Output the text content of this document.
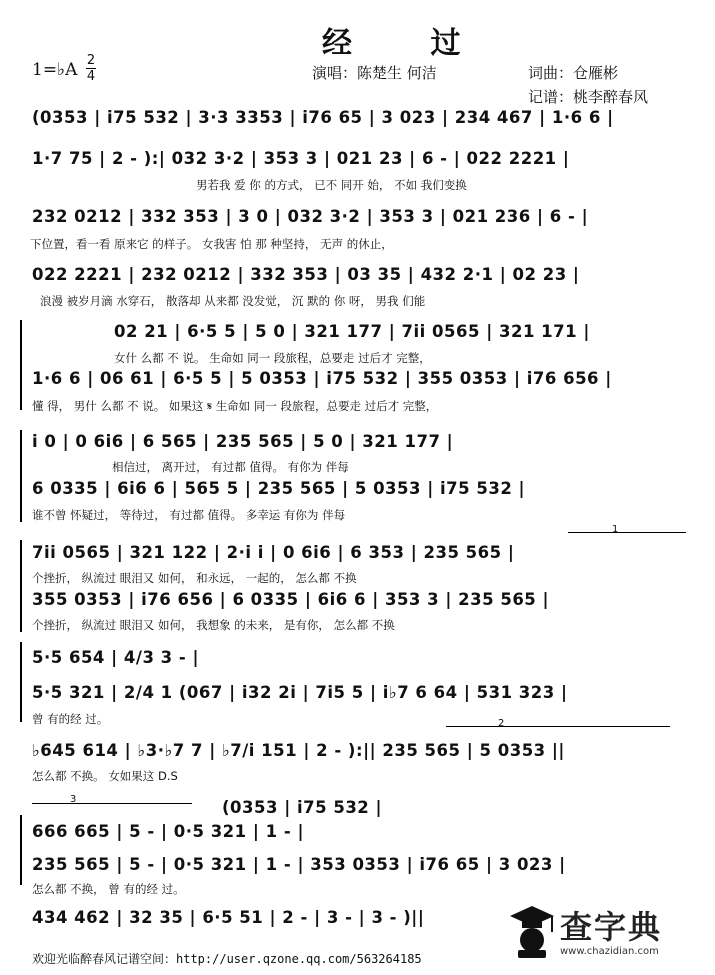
经 过
1=♭A 2
4	演唱：陈楚生 何洁	词曲：仓雁彬
记谱：桃李醉春风
(0353 | i75 532 | 3·3 3353 | i76 65 | 3 023 | 234 467 | 1·6 6 |
1·7 75 | 2 - ):| 032 3·2 | 353 3 | 021 23 | 6 - | 022 2221 |
男若我 爱 你 的方式， 已不 同开 始， 不如 我们变换
232 0212 | 332 353 | 3 0 | 032 3·2 | 353 3 | 021 236 | 6 - |
下位置，看一看 原来它 的样子。 女我害 怕 那 种坚持， 无声 的休止，
022 2221 | 232 0212 | 332 353 | 03 35 | 432 2·1 | 02 23 |
浪漫 被岁月滴 水穿石， 散落却 从来都 没发觉， 沉 默的 你 呀， 男我 们能
02 21 | 6·5 5 | 5 0 | 321 177 | 7ii 0565 | 321 171 |
女什 么都 不 说。 生命如 同一 段旅程，总要走 过后才 完整，
1·6 6 | 06 61 | 6·5 5 | 5 0353 | i75 532 | 355 0353 | i76 656 |
懂 得， 男什 么都 不 说。 如果这 𝄋 生命如 同一 段旅程，总要走 过后才 完整，
i 0 | 0 6i6 | 6 565 | 235 565 | 5 0 | 321 177 |
相信过， 离开过， 有过都 值得。 有你为 伴每
6 0335 | 6i6 6 | 565 5 | 235 565 | 5 0353 | i75 532 |
谁不曾 怀疑过， 等待过， 有过都 值得。 多幸运 有你为 伴每
1
7ii 0565 | 321 122 | 2·i i | 0 6i6 | 6 353 | 235 565 |
个挫折， 纵流过 眼泪又 如何， 和永远， 一起的， 怎么都 不换
355 0353 | i76 656 | 6 0335 | 6i6 6 | 353 3 | 235 565 |
个挫折， 纵流过 眼泪又 如何， 我想象 的未来， 是有你， 怎么都 不换
5·5 654 | 4/3 3 - |
5·5 321 | 2/4 1 (067 | i32 2i | 7i5 5 | i♭7 6 64 | 531 323 |
曾 有的经 过。	2
♭645 614 | ♭3·♭7 7 | ♭7/i 151 | 2 - ):|| 235 565 | 5 0353 ||
怎么都 不换。 女如果这 D.S
3	(0353 | i75 532 |
666 665 | 5 - | 0·5 321 | 1 - |
235 565 | 5 - | 0·5 321 | 1 - | 353 0353 | i76 65 | 3 023 |
怎么都 不换， 曾 有的经 过。
434 462 | 32 35 | 6·5 51 | 2 - | 3 - | 3 - )||
欢迎光临醉春风记谱空间：http://user.qzone.qq.com/563264185
查字典
www.chazidian.com
